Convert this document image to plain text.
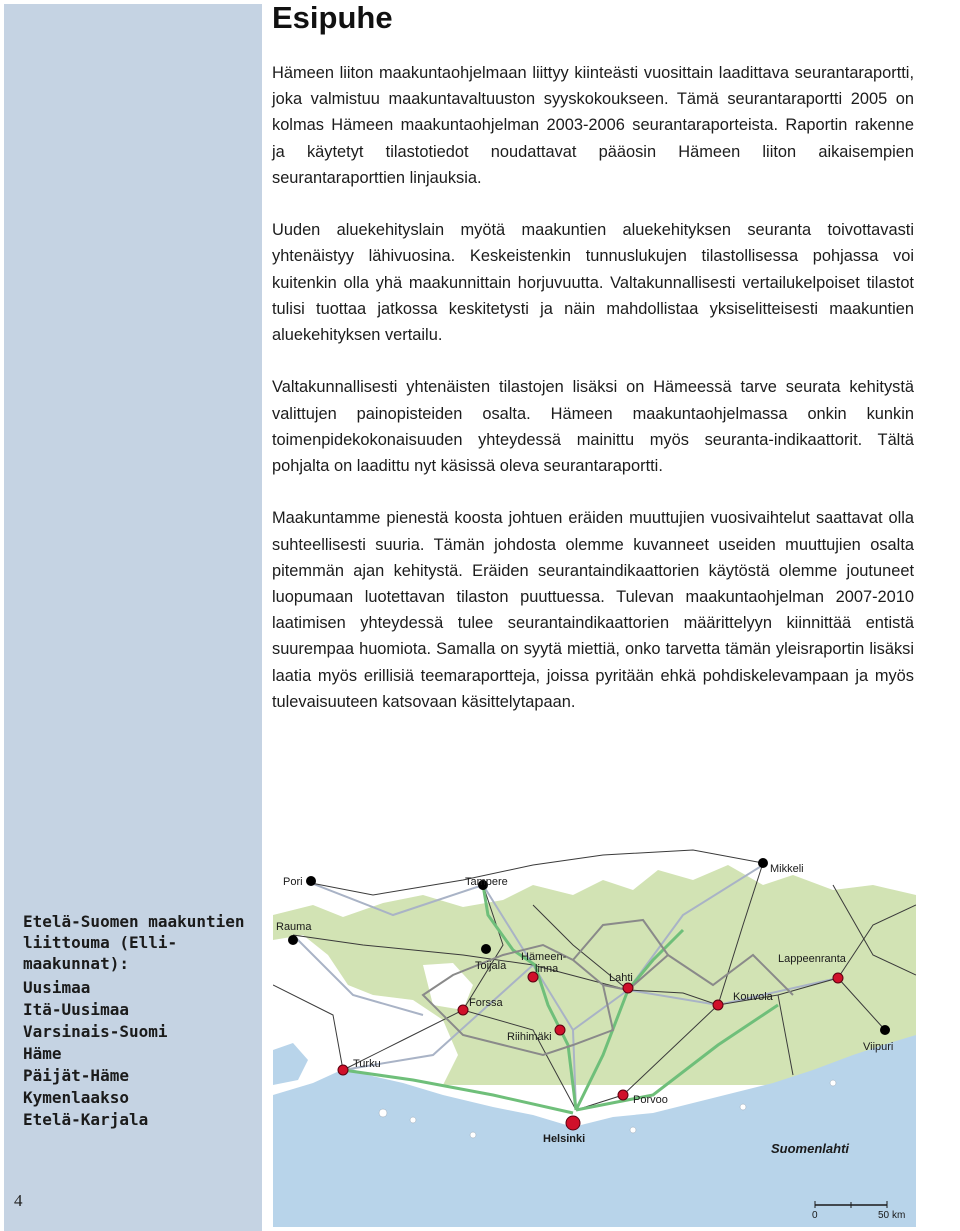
Esipuhe

Hämeen liiton maakuntaohjelmaan liittyy kiinteästi vuosittain laadittava seurantaraportti, joka valmistuu maakuntavaltuuston syyskokoukseen. Tämä seurantaraportti 2005 on kolmas Hämeen maakuntaohjelman 2003-2006 seurantaraporteista. Raportin rakenne ja käytetyt tilastotiedot noudattavat pääosin Hämeen liiton aikaisempien seurantaraporttien linjauksia.

Uuden aluekehityslain myötä maakuntien aluekehityksen seuranta toivottavasti yhtenäistyy lähivuosina. Keskeistenkin tunnuslukujen tilastollisessa pohjassa voi kuitenkin olla yhä maakunnittain horjuvuutta. Valtakunnallisesti vertailukelpoiset tilastot tulisi tuottaa jatkossa keskitetysti ja näin mahdollistaa yksiselitteisesti maakuntien aluekehityksen vertailu.

Valtakunnallisesti yhtenäisten tilastojen lisäksi on Hämeessä tarve seurata kehitystä valittujen painopisteiden osalta. Hämeen maakuntaohjelmassa onkin kunkin toimenpidekokonaisuuden yhteydessä mainittu myös seuranta-indikaattorit. Tältä pohjalta on laadittu nyt käsissä oleva seurantaraportti.

Maakuntamme pienestä koosta johtuen eräiden muuttujien vuosivaihtelut saattavat olla suhteellisesti suuria. Tämän johdosta olemme kuvanneet useiden muuttujien osalta pitemmän ajan kehitystä. Eräiden seurantaindikaattorien käytöstä olemme joutuneet luopumaan luotettavan tilaston puuttuessa. Tulevan maakuntaohjelman 2007-2010 laatimisen yhteydessä tulee seurantaindikaattorien määrittelyyn kiinnittää entistä suurempaa huomiota. Samalla on syytä miettiä, onko tarvetta tämän yleisraportin lisäksi laatia myös erillisiä teemaraportteja, joissa pyritään ehkä pohdiskelevampaan ja myös tulevaisuuteen katsovaan käsittelytapaan.

Etelä-Suomen maakuntien liittouma (Elli-maakunnat):
Uusimaa
Itä-Uusimaa
Varsinais-Suomi
Häme
Päijät-Häme
Kymenlaakso
Etelä-Karjala
4
Pori	Tampere
Mikkeli
Rauma
Toijala
Hämeen-
linna
Lahti
Lappeenranta
Forssa	Kouvola
Riihimäki
Viipuri
Turku
Porvoo
Helsinki
Suomenlahti
0	50 km
